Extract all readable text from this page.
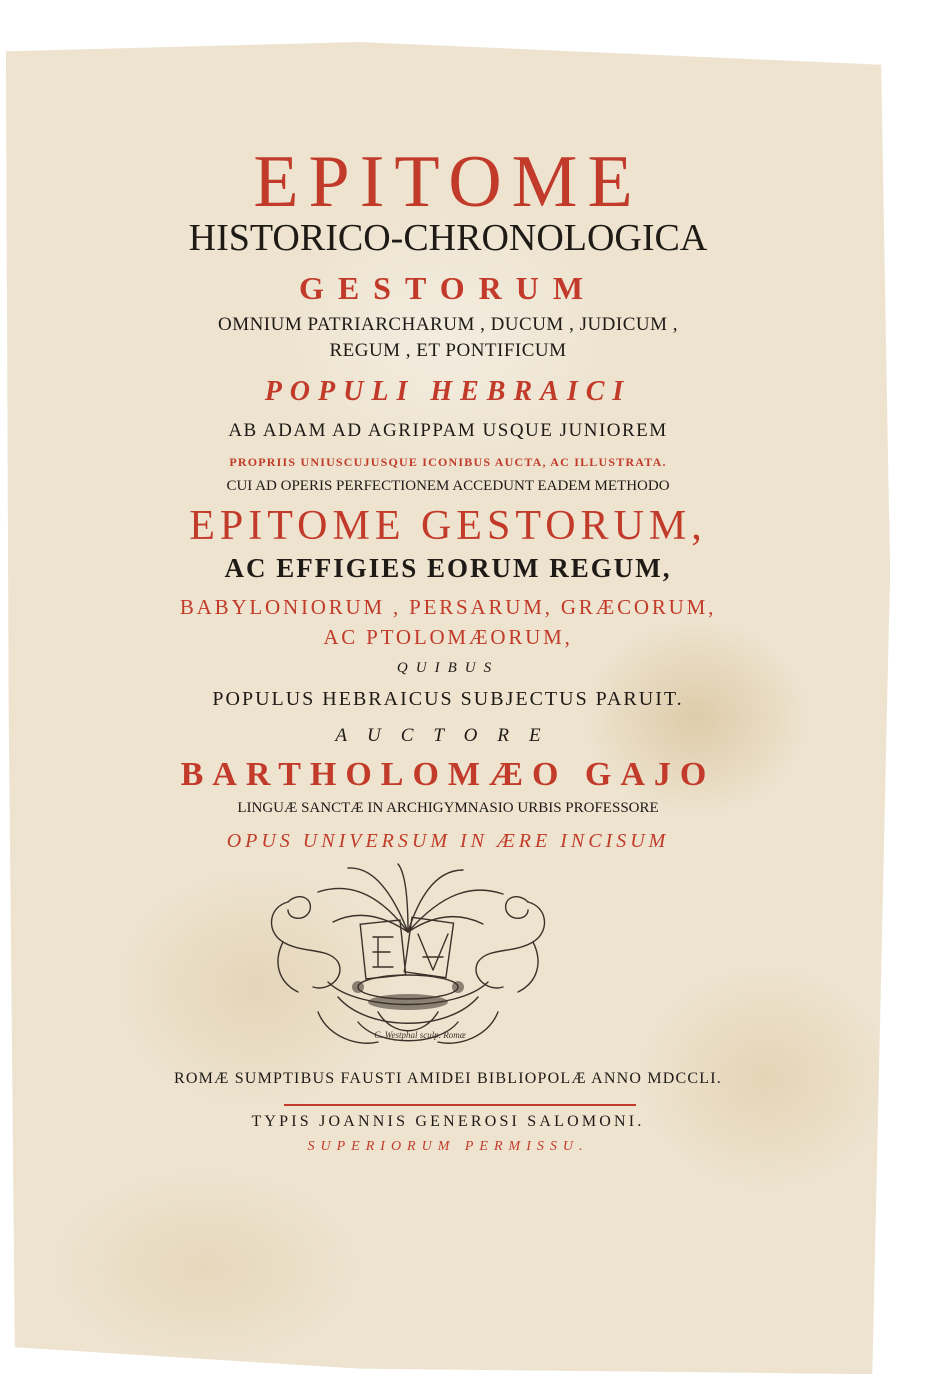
EPITOME
HISTORICO-CHRONOLOGICA
GESTORUM
OMNIUM PATRIARCHARUM , DUCUM , JUDICUM ,
REGUM , ET PONTIFICUM
POPULI HEBRAICI
AB ADAM AD AGRIPPAM USQUE JUNIOREM
PROPRIIS UNIUSCUJUSQUE ICONIBUS AUCTA, AC ILLUSTRATA.
CUI AD OPERIS PERFECTIONEM ACCEDUNT EADEM METHODO
EPITOME GESTORUM,
AC EFFIGIES EORUM REGUM,
BABYLONIORUM , PERSARUM, GRÆCORUM,
AC PTOLOMÆORUM,
QUIBUS
POPULUS HEBRAICUS SUBJECTUS PARUIT.
AUCTORE
BARTHOLOMÆO GAJO
LINGUÆ SANCTÆ IN ARCHIGYMNASIO URBIS PROFESSORE
OPUS UNIVERSUM IN ÆRE INCISUM
C. Westphal sculp. Romæ
ROMÆ SUMPTIBUS FAUSTI AMIDEI BIBLIOPOLÆ ANNO MDCCLI.
TYPIS JOANNIS GENEROSI SALOMONI.
SUPERIORUM PERMISSU.
